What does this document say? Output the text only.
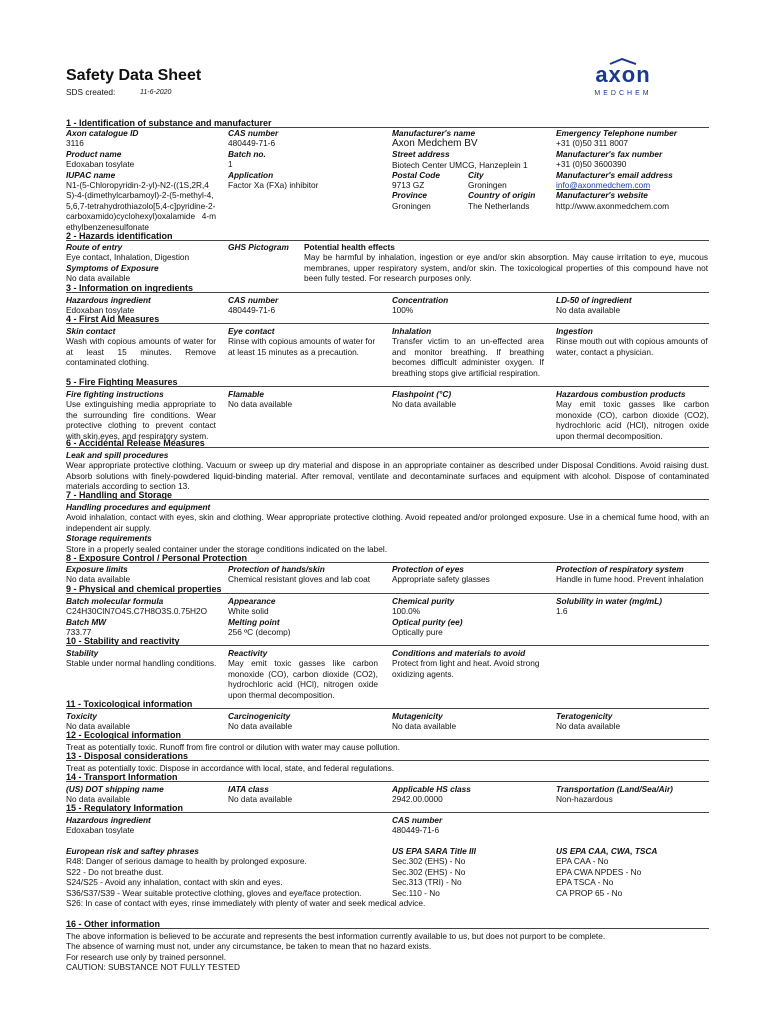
Safety Data Sheet
SDS created:	11-6-2020
axon
MEDCHEM
1 - Identification of substance and manufacturer
Axon catalogue ID
3116
Product name
Edoxaban tosylate
IUPAC name
N1-(5-Chloropyridin-2-yl)-N2-((1S,2R,4S)-4-(dimethylcarbamoyl)-2-(5-methyl-4,5,6,7-tetrahydrothiazolo[5,4-c]pyridine-2-carboxamido)cyclohexyl)oxalamide 4-methylbenzenesulfonate
CAS number
480449-71-6
Batch no.
1
Application
Factor Xa (FXa) inhibitor
Manufacturer's name
Axon Medchem BV
Street address
Biotech Center UMCG, Hanzeplein 1
Postal Code	City
9713 GZ	Groningen
Province	Country of origin
Groningen	The Netherlands
Emergency Telephone number
+31 (0)50 311 8007
Manufacturer's fax number
+31 (0)50 3600390
Manufacturer's email address
info@axonmedchem.com
Manufacturer's website
http://www.axonmedchem.com
2 - Hazards identification
Route of entry
Eye contact, Inhalation, Digestion
Symptoms of Exposure
No data available
GHS Pictogram Potential health effects
May be harmful by inhalation, ingestion or eye and/or skin absorption. May cause irritation to eye, mucous membranes, upper respiratory system, and/or skin. The toxicological properties of this compound have not been fully tested. For research purposes only.
3 - Information on ingredients
Hazardous ingredient
Edoxaban tosylate
CAS number
480449-71-6
Concentration
100%
LD-50 of ingredient
No data available
4 - First Aid Measures
Skin contact
Wash with copious amounts of water for at least 15 minutes. Remove contaminated clothing.
Eye contact
Rinse with copious amounts of water for at least 15 minutes as a precaution.
Inhalation
Transfer victim to an un-effected area and monitor breathing. If breathing becomes difficult administer oxygen. If breathing stops give artificial respiration.
Ingestion
Rinse mouth out with copious amounts of water, contact a physician.
5 - Fire Fighting Measures
Fire fighting instructions
Use extinguishing media appropriate to the surrounding fire conditions. Wear protective clothing to prevent contact with skin,eyes, and respiratory system.
Flamable
No data available
Flashpoint (°C)
No data available
Hazardous combustion products
May emit toxic gasses like carbon monoxide (CO), carbon dioxide (CO2), hydrochloric acid (HCl), nitrogen oxide upon thermal decomposition.
6 - Accidental Release Measures
Leak and spill procedures
Wear appropriate protective clothing. Vacuum or sweep up dry material and dispose in an appropriate container as described under Disposal Conditions. Avoid raising dust. Absorb solutions with finely-powdered liquid-binding material. After removal, ventilate and decontaminate surfaces and equipment with alcohol. Dispose of contaminated materials according to section 13.
7 - Handling and Storage
Handling procedures and equipment
Avoid inhalation, contact with eyes, skin and clothing. Wear appropriate protective clothing. Avoid repeated and/or prolonged exposure. Use in a chemical fume hood, with an independent air supply.
Storage requirements
Store in a properly sealed container under the storage conditions indicated on the label.
8 - Exposure Control / Personal Protection
Exposure limits
No data available
Protection of hands/skin
Chemical resistant gloves and lab coat
Protection of eyes
Appropriate safety glasses
Protection of respiratory system
Handle in fume hood. Prevent inhalation
9 - Physical and chemical properties
Batch molecular formula
C24H30ClN7O4S.C7H8O3S.0.75H2O
Batch MW
733.77
Appearance
White solid
Melting point
256 ºC (decomp)
Chemical purity
100.0%
Optical purity (ee)
Optically pure
Solubility in water (mg/mL)
1.6
10 - Stability and reactivity
Stability
Stable under normal handling conditions.
Reactivity
May emit toxic gasses like carbon monoxide (CO), carbon dioxide (CO2), hydrochloric acid (HCl), nitrogen oxide upon thermal decomposition.
Conditions and materials to avoid
Protect from light and heat. Avoid strong oxidizing agents.
11 - Toxicological information
Toxicity
No data available
Carcinogenicity
No data available
Mutagenicity
No data available
Teratogenicity
No data available
12 - Ecological information
Treat as potentially toxic. Runoff from fire control or dilution with water may cause pollution.
13 - Disposal considerations
Treat as potentially toxic. Dispose in accordance with local, state, and federal regulations.
14 - Transport Information
(US) DOT shipping name
No data available
IATA class
No data available
Applicable HS class
2942.00.0000
Transportation (Land/Sea/Air)
Non-hazardous
15 - Regulatory Information
Hazardous ingredient
Edoxaban tosylate
CAS number
480449-71-6
European risk and saftey phrases
R48: Danger of serious damage to health by prolonged exposure.
S22 - Do not breathe dust.
S24/S25 - Avoid any inhalation, contact with skin and eyes.
S36/S37/S39 - Wear suitable protective clothing, gloves and eye/face protection.
S26: In case of contact with eyes, rinse immediately with plenty of water and seek medical advice.
US EPA SARA Title III
Sec.302 (EHS) - No
Sec.302 (EHS) - No
Sec.313 (TRI) - No
Sec.110 - No
US EPA CAA, CWA, TSCA
EPA CAA - No
EPA CWA NPDES - No
EPA TSCA - No
CA PROP 65 - No
16 - Other information
The above information is believed to be accurate and represents the best information currently available to us, but does not purport to be complete.
The absence of warning must not, under any circumstance, be taken to mean that no hazard exists.
For research use only by trained personnel.
CAUTION: SUBSTANCE NOT FULLY TESTED
